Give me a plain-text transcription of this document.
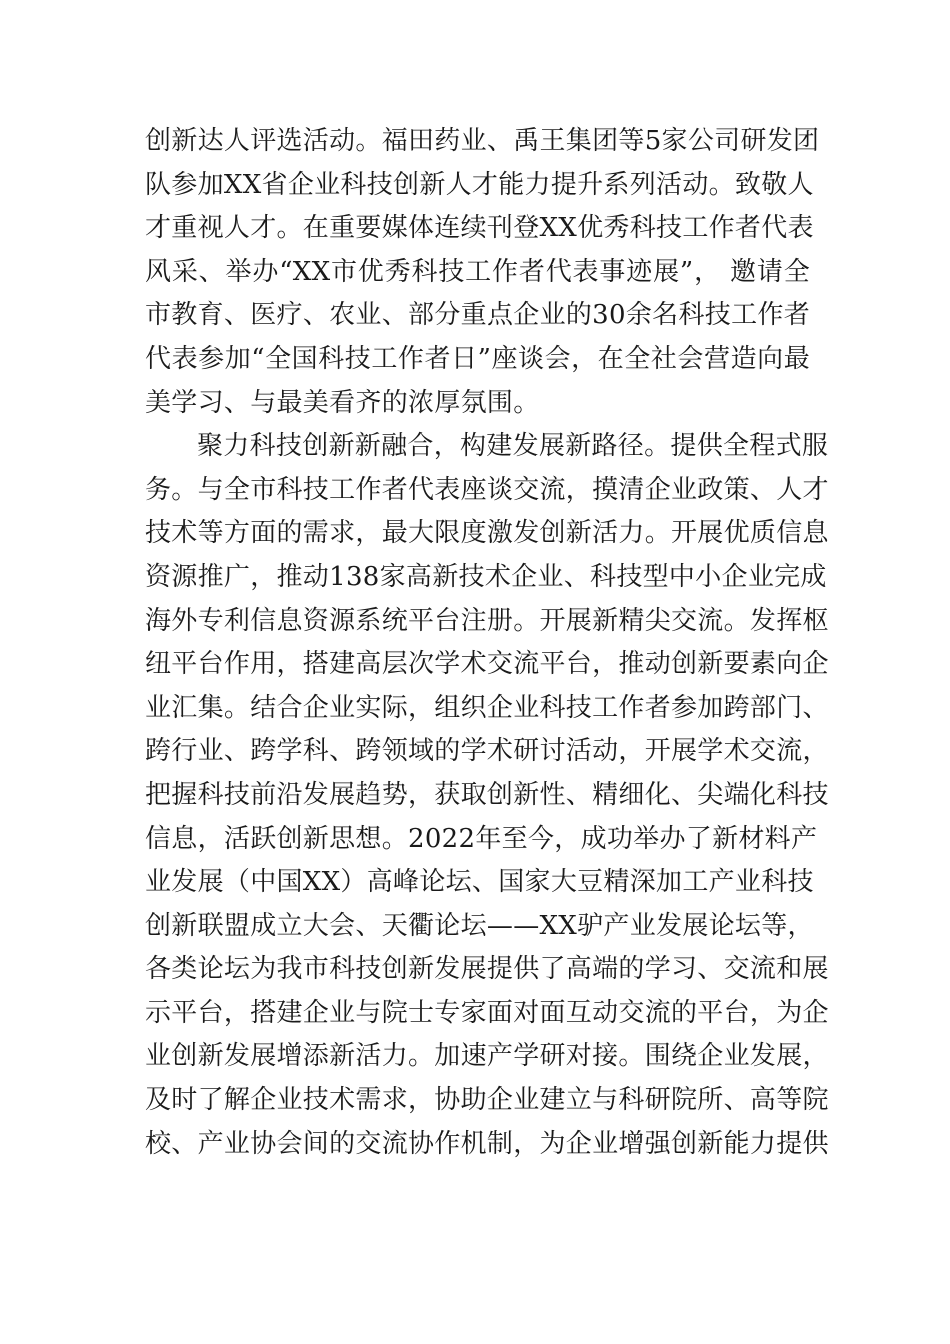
创新达人评选活动。福田药业、禹王集团等5家公司研发团
队参加XX省企业科技创新人才能力提升系列活动。致敬人
才重视人才。在重要媒体连续刊登XX优秀科技工作者代表
风采、举办“XX市优秀科技工作者代表事迹展”， 邀请全
市教育、医疗、农业、部分重点企业的30余名科技工作者
代表参加“全国科技工作者日”座谈会，在全社会营造向最
美学习、与最美看齐的浓厚氛围。
聚力科技创新新融合，构建发展新路径。提供全程式服
务。与全市科技工作者代表座谈交流，摸清企业政策、人才
技术等方面的需求，最大限度激发创新活力。开展优质信息
资源推广，推动138家高新技术企业、科技型中小企业完成
海外专利信息资源系统平台注册。开展新精尖交流。发挥枢
纽平台作用，搭建高层次学术交流平台，推动创新要素向企
业汇集。结合企业实际，组织企业科技工作者参加跨部门、
跨行业、跨学科、跨领域的学术研讨活动，开展学术交流，
把握科技前沿发展趋势，获取创新性、精细化、尖端化科技
信息，活跃创新思想。2022年至今，成功举办了新材料产
业发展（中国XX）高峰论坛、国家大豆精深加工产业科技
创新联盟成立大会、天衢论坛——XX驴产业发展论坛等，
各类论坛为我市科技创新发展提供了高端的学习、交流和展
示平台，搭建企业与院士专家面对面互动交流的平台，为企
业创新发展增添新活力。加速产学研对接。围绕企业发展，
及时了解企业技术需求，协助企业建立与科研院所、高等院
校、产业协会间的交流协作机制，为企业增强创新能力提供
